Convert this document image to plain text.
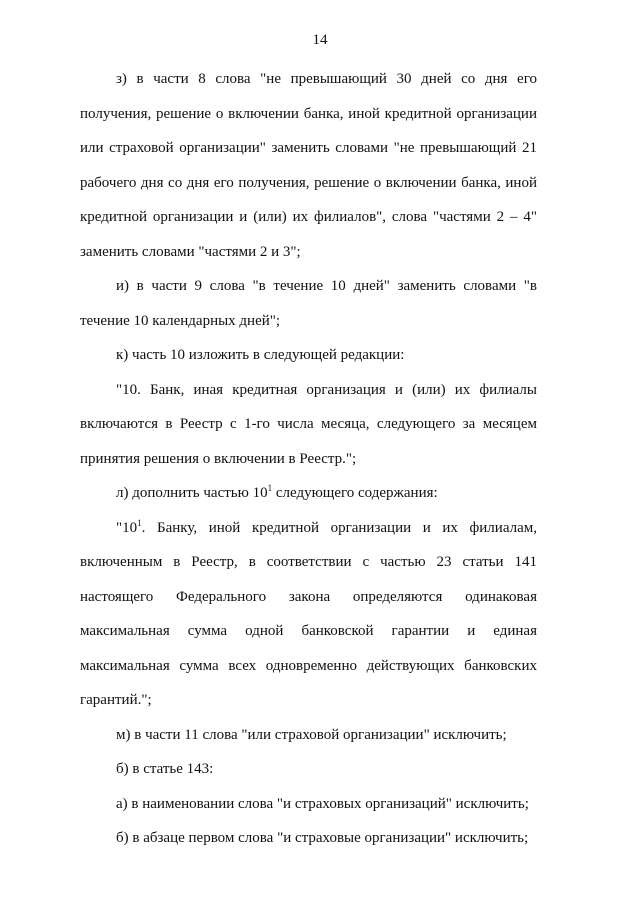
14

з) в части 8 слова "не превышающий 30 дней со дня его получения, решение о включении банка, иной кредитной организации или страховой организации" заменить словами "не превышающий 21 рабочего дня со дня его получения, решение о включении банка, иной кредитной организации и (или) их филиалов", слова "частями 2 – 4" заменить словами "частями 2 и 3";

и) в части 9 слова "в течение 10 дней" заменить словами "в течение 10 календарных дней";

к) часть 10 изложить в следующей редакции:

"10. Банк, иная кредитная организация и (или) их филиалы включаются в Реестр с 1-го числа месяца, следующего за месяцем принятия решения о включении в Реестр.";

л) дополнить частью $10^1$ следующего содержания:

"$10^1$. Банку, иной кредитной организации и их филиалам, включенным в Реестр, в соответствии с частью 23 статьи 141 настоящего Федерального закона определяются одинаковая максимальная сумма одной банковской гарантии и единая максимальная сумма всех одновременно действующих банковских гарантий.";

м) в части 11 слова "или страховой организации" исключить;

б) в статье 143:

а) в наименовании слова "и страховых организаций" исключить;

б) в абзаце первом слова "и страховые организации" исключить;
